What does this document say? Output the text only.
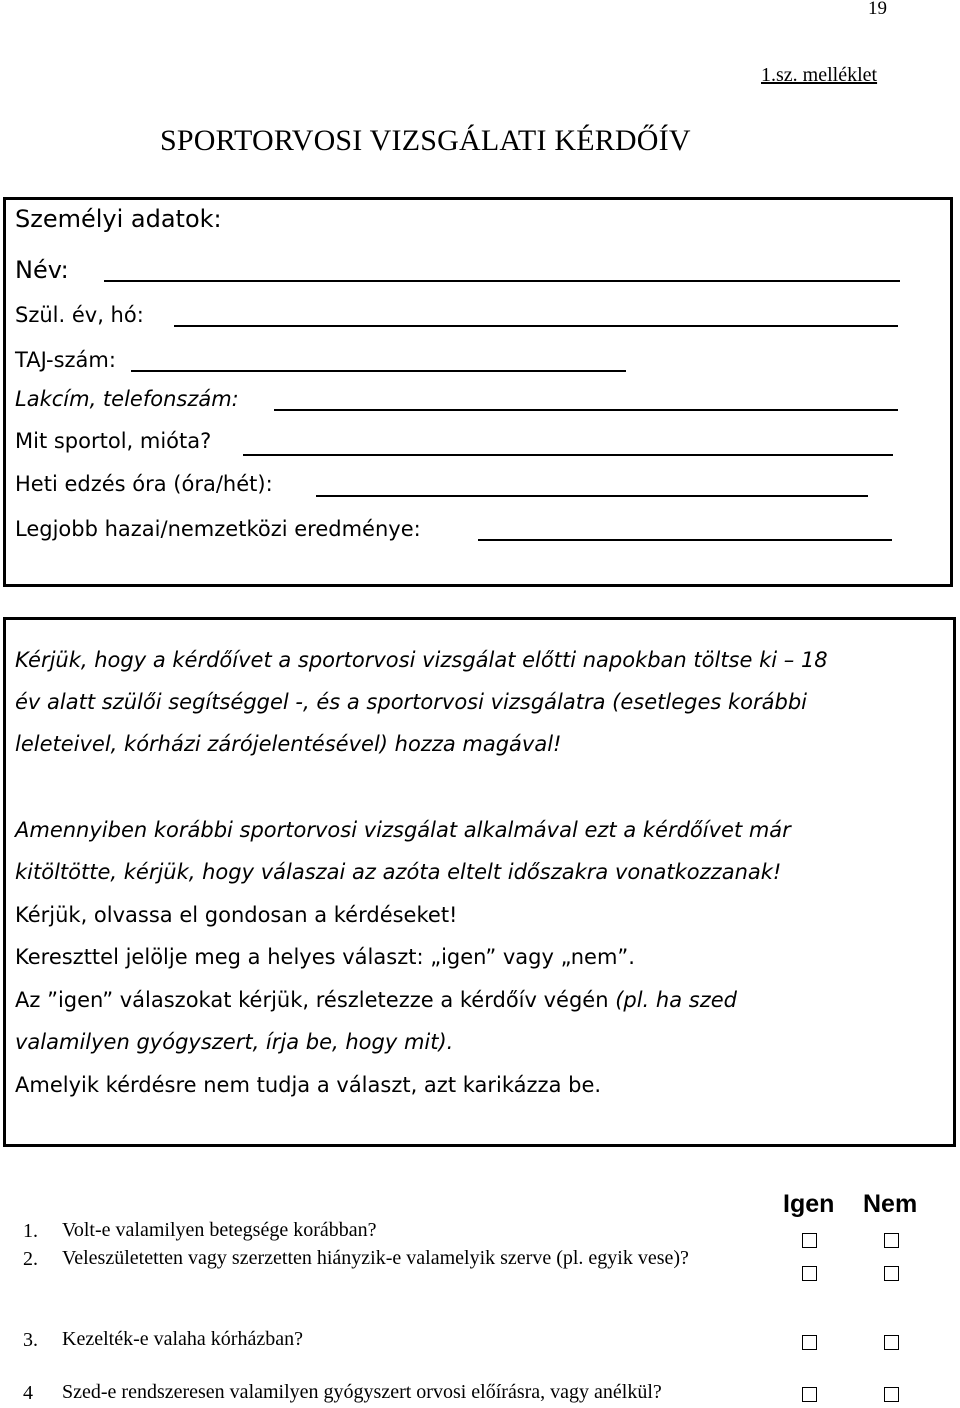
19
1.sz. melléklet
SPORTORVOSI VIZSGÁLATI KÉRDŐÍV
Személyi adatok:
Név:
Szül. év, hó:
TAJ-szám:
Lakcím, telefonszám:
Mit sportol, mióta?
Heti edzés óra (óra/hét):
Legjobb hazai/nemzetközi eredménye:
Kérjük, hogy a kérdőívet a sportorvosi vizsgálat előtti napokban töltse ki – 18
év alatt szülői segítséggel -, és a sportorvosi vizsgálatra (esetleges korábbi
leleteivel, kórházi zárójelentésével) hozza magával!
Amennyiben korábbi sportorvosi vizsgálat alkalmával ezt a kérdőívet már
kitöltötte, kérjük, hogy válaszai az azóta eltelt időszakra vonatkozzanak!
Kérjük, olvassa el gondosan a kérdéseket!
Kereszttel jelölje meg a helyes választ: „igen” vagy „nem”.
Az ”igen” válaszokat kérjük, részletezze a kérdőív végén (pl. ha szed
valamilyen gyógyszert, írja be, hogy mit).
Amelyik kérdésre nem tudja a választ, azt karikázza be.
Igen Nem
1. Volt-e valamilyen betegsége korábban?
2. Veleszületetten vagy szerzetten hiányzik-e valamelyik szerve (pl. egyik vese)?
3. Kezelték-e valaha kórházban?
4 Szed-e rendszeresen valamilyen gyógyszert orvosi előírásra, vagy anélkül?
